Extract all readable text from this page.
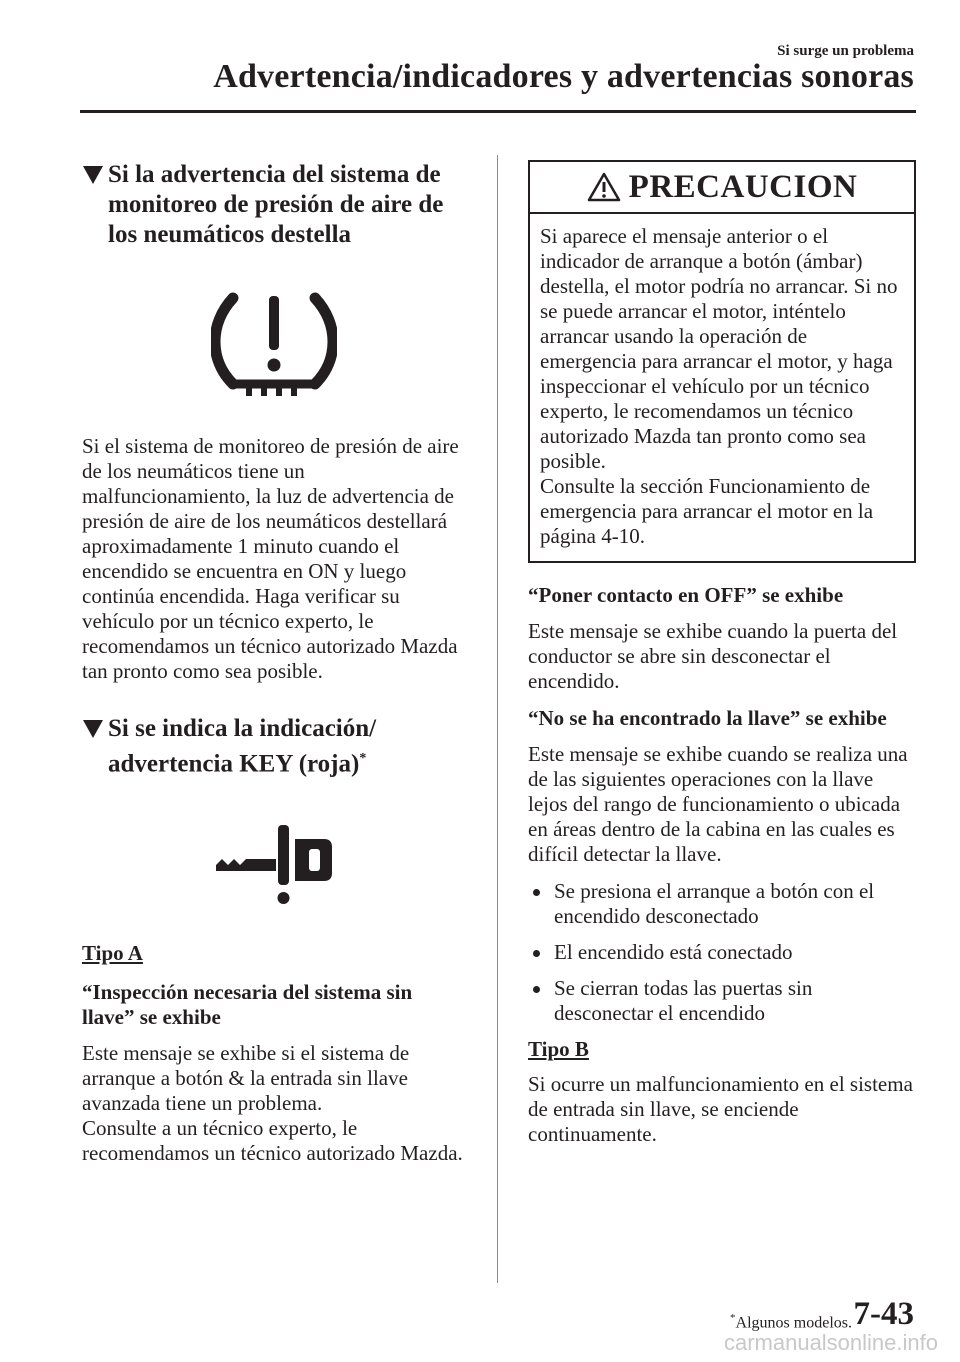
Si surge un problema
Advertencia/indicadores y advertencias sonoras
Si la advertencia del sistema de
monitoreo de presión de aire de
los neumáticos destella

Si el sistema de monitoreo de presión de aire de los neumáticos tiene un malfuncionamiento, la luz de advertencia de presión de aire de los neumáticos destellará aproximadamente 1 minuto cuando el encendido se encuentra en ON y luego continúa encendida. Haga verificar su vehículo por un técnico experto, le recomendamos un técnico autorizado Mazda tan pronto como sea posible.

Si se indica la indicación/
advertencia KEY (roja)*

Tipo A

“Inspección necesaria del sistema sin llave” se exhibe

Este mensaje se exhibe si el sistema de arranque a botón & la entrada sin llave avanzada tiene un problema.

Consulte a un técnico experto, le recomendamos un técnico autorizado Mazda.

PRECAUCION

Si aparece el mensaje anterior o el indicador de arranque a botón (ámbar) destella, el motor podría no arrancar. Si no se puede arrancar el motor, inténtelo arrancar usando la operación de emergencia para arrancar el motor, y haga inspeccionar el vehículo por un técnico experto, le recomendamos un técnico autorizado Mazda tan pronto como sea posible.

Consulte la sección Funcionamiento de emergencia para arrancar el motor en la página 4-10.

“Poner contacto en OFF” se exhibe

Este mensaje se exhibe cuando la puerta del conductor se abre sin desconectar el encendido.

“No se ha encontrado la llave” se exhibe

Este mensaje se exhibe cuando se realiza una de las siguientes operaciones con la llave lejos del rango de funcionamiento o ubicada en áreas dentro de la cabina en las cuales es difícil detectar la llave.

Se presiona el arranque a botón con el encendido desconectado
El encendido está conectado
Se cierran todas las puertas sin desconectar el encendido

Tipo B

Si ocurre un malfuncionamiento en el sistema de entrada sin llave, se enciende continuamente.

*Algunos modelos. 7-43
carmanualsonline.info
